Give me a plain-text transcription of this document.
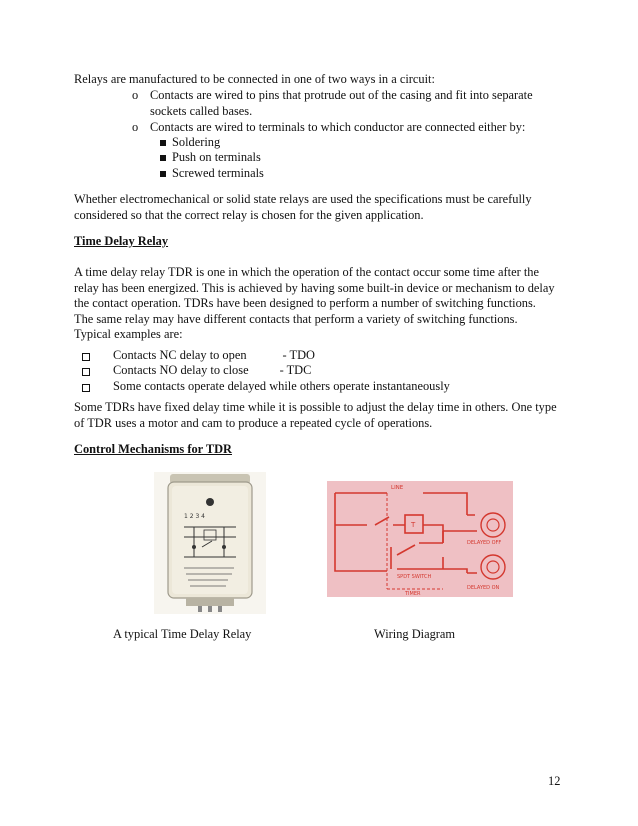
Relays are manufactured to be connected in one of two ways in a circuit:

o Contacts are wired to pins that protrude out of the casing and fit into separate
sockets called bases.

o Contacts are wired to terminals to which conductor are connected either by:

Soldering

Push on terminals

Screwed terminals

Whether electromechanical or solid state relays are used the specifications must be carefully
considered so that the correct relay is chosen for the given application.

Time Delay Relay

A time delay relay TDR is one in which the operation of the contact occur some time after the
relay has been energized. This is achieved by having some built-in device or mechanism to delay
the contact operation. TDRs have been designed to perform a number of switching functions.
The same relay may have different contacts that perform a variety of switching functions.
Typical examples are:

Contacts NC delay to open	- TDO

Contacts NO delay to close	- TDC

Some contacts operate delayed while others operate instantaneously

Some TDRs have fixed delay time while it is possible to adjust the delay time in others. One type
of TDR uses a motor and cam to produce a repeated cycle of operations.

Control Mechanisms for TDR

1 2 3 4
LINE
T
DELAYED OFF
DELAYED ON
SPDT SWITCH
TIMER

A typical Time Delay Relay	Wiring Diagram

12
